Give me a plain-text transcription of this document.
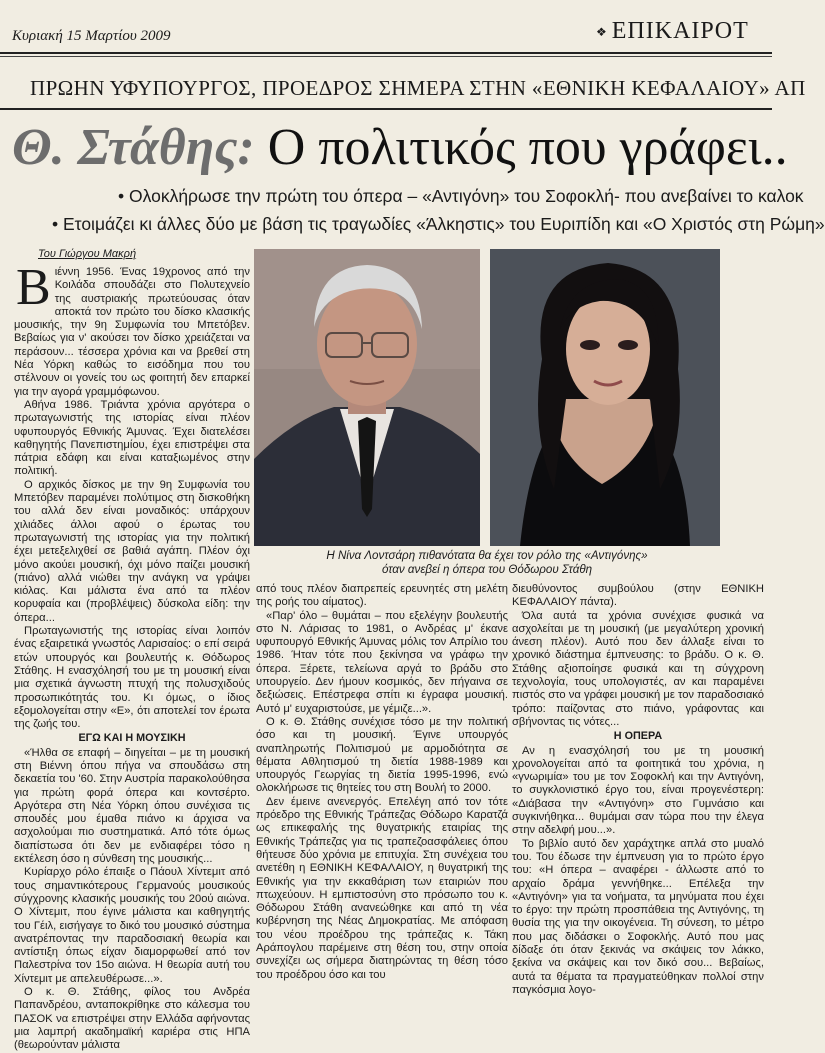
Κυριακή 15 Μαρτίου 2009	❖ ΕΠΙΚΑΙΡΟΤ
ΠΡΩΗΝ ΥΦΥΠΟΥΡΓΟΣ, ΠΡΟΕΔΡΟΣ ΣΗΜΕΡΑ ΣΤΗΝ «ΕΘΝΙΚΗ ΚΕΦΑΛΑΙΟΥ» ΑΠ
Θ. Στάθης: Ο πολιτικός που γράφει..
• Ολοκλήρωσε την πρώτη του όπερα – «Αντιγόνη» του Σοφοκλή- που ανεβαίνει το καλοκ
• Ετοιμάζει κι άλλες δύο με βάση τις τραγωδίες «Άλκηστις» του Ευριπίδη και «Ο Χριστός στη Ρώμη»
Του Γιώργου Μακρή

Βιέννη 1956. Ένας 19χρονος από την Κοιλάδα σπουδάζει στο Πολυτεχνείο της αυστριακής πρωτεύουσας όταν αποκτά τον πρώτο του δίσκο κλασικής μουσικής, την 9η Συμφωνία του Μπετόβεν. Βεβαίως για ν' ακούσει τον δίσκο χρειάζεται να περάσουν... τέσσερα χρόνια και να βρεθεί στη Νέα Υόρκη καθώς το εισόδημα που του στέλνουν οι γονείς του ως φοιτητή δεν επαρκεί για την αγορά γραμμόφωνου.

Αθήνα 1986. Τριάντα χρόνια αργότερα ο πρωταγωνιστής της ιστορίας είναι πλέον υφυπουργός Εθνικής Άμυνας. Έχει διατελέσει καθηγητής Πανεπιστημίου, έχει επιστρέψει στα πάτρια εδάφη και είναι καταξιωμένος στην πολιτική.

Ο αρχικός δίσκος με την 9η Συμφωνία του Μπετόβεν παραμένει πολύτιμος στη δισκοθήκη του αλλά δεν είναι μοναδικός: υπάρχουν χιλιάδες άλλοι αφού ο έρωτας του πρωταγωνιστή της ιστορίας για την πολιτική έχει μετεξελιχθεί σε βαθιά αγάπη. Πλέον όχι μόνο ακούει μουσική, όχι μόνο παίζει μουσική (πιάνο) αλλά νιώθει την ανάγκη να γράψει κιόλας. Και μάλιστα ένα από τα πλέον κορυφαία και (προβλέψεις) δύσκολα είδη: την όπερα...

Πρωταγωνιστής της ιστορίας είναι λοιπόν ένας εξαιρετικά γνωστός Λαρισαίος: ο επί σειρά ετών υπουργός και βουλευτής κ. Θόδωρος Στάθης. Η ενασχόλησή του με τη μουσική είναι μια σχετικά άγνωστη πτυχή της πολυσχιδούς προσωπικότητάς του. Κι όμως, ο ίδιος εξομολογείται στην «Ε», ότι αποτελεί τον έρωτα της ζωής του.

ΕΓΩ ΚΑΙ Η ΜΟΥΣΙΚΗ

«Ήλθα σε επαφή – διηγείται – με τη μουσική στη Βιέννη όπου πήγα να σπουδάσω στη δεκαετία του '60. Στην Αυστρία παρακολούθησα για πρώτη φορά όπερα και κοντσέρτο. Αργότερα στη Νέα Υόρκη όπου συνέχισα τις σπουδές μου έμαθα πιάνο κι άρχισα να ασχολούμαι πιο συστηματικά. Από τότε όμως διαπίστωσα ότι δεν με ενδιαφέρει τόσο η εκτέλεση όσο η σύνθεση της μουσικής...

Κυρίαρχο ρόλο έπαιξε ο Πάουλ Χίντεμιτ από τους σημαντικότερους Γερμανούς μουσικούς σύγχρονης κλασικής μουσικής του 20ού αιώνα. Ο Χίντεμιτ, που έγινε μάλιστα και καθηγητής του Γέιλ, εισήγαγε το δικό του μουσικό σύστημα ανατρέποντας την παραδοσιακή θεωρία και αντίστιξη όπως είχαν διαμορφωθεί από τον Παλεστρίνα τον 15ο αιώνα. Η θεωρία αυτή του Χίντεμιτ με απελευθέρωσε...».

Ο κ. Θ. Στάθης, φίλος του Ανδρέα Παπανδρέου, ανταποκρίθηκε στο κάλεσμα του ΠΑΣΟΚ να επιστρέψει στην Ελλάδα αφήνοντας μια λαμπρή ακαδημαϊκή καριέρα στις ΗΠΑ (θεωρούνταν μάλιστα

Η Νίνα Λοντσάρη πιθανότατα θα έχει τον ρόλο της «Αντιγόνης»
όταν ανεβεί η όπερα του Θόδωρου Στάθη

από τους πλέον διαπρεπείς ερευνητές στη μελέτη της ροής του αίματος).

«Παρ' όλο – θυμάται – που εξελέγην βουλευτής στο Ν. Λάρισας το 1981, ο Ανδρέας μ' έκανε υφυπουργό Εθνικής Άμυνας μόλις τον Απρίλιο του 1986. Ήταν τότε που ξεκίνησα να γράφω την όπερα. Ξέρετε, τελείωνα αργά το βράδυ στο υπουργείο. Δεν ήμουν κοσμικός, δεν πήγαινα σε δεξιώσεις. Επέστρεφα σπίτι κι έγραφα μουσική. Αυτό μ' ευχαριστούσε, με γέμιζε...».

Ο κ. Θ. Στάθης συνέχισε τόσο με την πολιτική όσο και τη μουσική. Έγινε υπουργός αναπληρωτής Πολιτισμού με αρμοδιότητα σε θέματα Αθλητισμού τη διετία 1988-1989 και υπουργός Γεωργίας τη διετία 1995-1996, ενώ ολοκλήρωσε τις θητείες του στη Βουλή το 2000.

Δεν έμεινε ανενεργός. Επελέγη από τον τότε πρόεδρο της Εθνικής Τράπεζας Θόδωρο Καρατζά ως επικεφαλής της θυγατρικής εταιρίας της Εθνικής Τράπεζας για τις τραπεζοασφάλειες όπου θήτευσε δύο χρόνια με επιτυχία. Στη συνέχεια του ανετέθη η ΕΘΝΙΚΗ ΚΕΦΑΛΑΙΟΥ, η θυγατρική της Εθνικής για την εκκαθάριση των εταιριών που πτωχεύουν. Η εμπιστοσύνη στο πρόσωπο του κ. Θόδωρου Στάθη ανανεώθηκε και από τη νέα κυβέρνηση της Νέας Δημοκρατίας. Με απόφαση του νέου προέδρου της τράπεζας κ. Τάκη Αράπογλου παρέμεινε στη θέση του, στην οποία συνεχίζει ως σήμερα διατηρώντας τη θέση τόσο του προέδρου όσο και του

διευθύνοντος συμβούλου (στην ΕΘΝΙΚΗ ΚΕΦΑΛΑΙΟΥ πάντα).

Όλα αυτά τα χρόνια συνέχισε φυσικά να ασχολείται με τη μουσική (με μεγαλύτερη χρονική άνεση πλέον). Αυτό που δεν άλλαξε είναι το χρονικό διάστημα έμπνευσης: το βράδυ. Ο κ. Θ. Στάθης αξιοποίησε φυσικά και τη σύγχρονη τεχνολογία, τους υπολογιστές, αν και παραμένει πιστός στο να γράφει μουσική με τον παραδοσιακό τρόπο: παίζοντας στο πιάνο, γράφοντας και σβήνοντας τις νότες...

Η ΟΠΕΡΑ

Αν η ενασχόλησή του με τη μουσική χρονολογείται από τα φοιτητικά του χρόνια, η «γνωριμία» του με τον Σοφοκλή και την Αντιγόνη, το συγκλονιστικό έργο του, είναι προγενέστερη: «Διάβασα την «Αντιγόνη» στο Γυμνάσιο και συγκινήθηκα... θυμάμαι σαν τώρα που την έλεγα στην αδελφή μου...».

Το βιβλίο αυτό δεν χαράχτηκε απλά στο μυαλό του. Του έδωσε την έμπνευση για το πρώτο έργο του: «Η όπερα – αναφέρει - άλλωστε από το αρχαίο δράμα γεννήθηκε... Επέλεξα την «Αντιγόνη» για τα νοήματα, τα μηνύματα που έχει το έργο: την πρώτη προσπάθεια της Αντιγόνης, τη θυσία της για την οικογένεια. Τη σύνεση, το μέτρο που μας διδάσκει ο Σοφοκλής. Αυτό που μας δίδαξε ότι όταν ξεκινάς να σκάψεις τον λάκκο, ξεκίνα να σκάψεις και τον δικό σου... Βεβαίως, αυτά τα θέματα τα πραγματεύθηκαν πολλοί στην παγκόσμια λογο-
